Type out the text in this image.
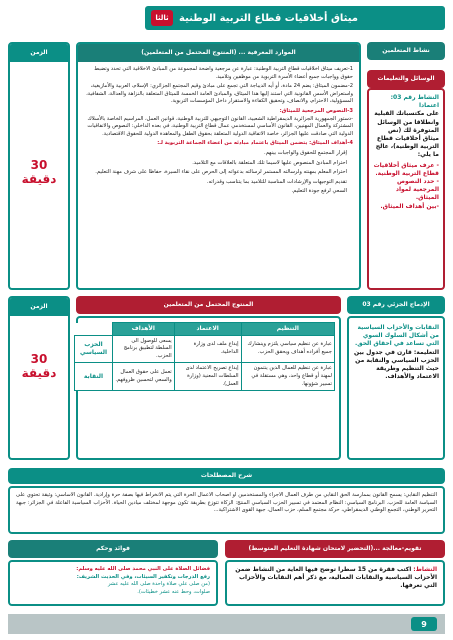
ميثاق أخلاقيات قطاع التربية الوطنية
ثالثا
نشاط المتعلمين
الوسائل والتعليمات
الموارد المعرفية ... (المنتوج المحتمل من المتعلمين)

1-تعريف ميثاق أخلاقيات قطاع التربية الوطنية: عبارة عن مرجعية واضحة لمجموعة من المبادئ الأخلاقية التي تحدد وتضبط حقوق وواجبات جميع أعضاء الأسرة التربوية من موظفين وتلاميذ.

2-مضمون الميثاق: يضم 24 مادة، أو أيه الديباجة التي تجمع على مبادئ وقيم المجتمع الجزائري: الإسلام، العربية والأمازيغية، واستعراض الأسس القانونية التي استند إليها هذا الميثاق، والمبادئ العامة الخمسة للميثاق المتعلقة بالنزاهة والعدالة، الشفافية، المسؤولية، الاحترام، والانصاف، وتحقيق الكفاءة والاستقرار داخل المؤسسات التربوية.

3-النصوص المرجعية للميثاق:

-دستور الجمهورية الجزائرية الديمقراطية الشعبية، القانون التوجيهي للتربية الوطنية، قوانين العمل، المراسيم الخاصة بالأسلاك المشتركة والعمال المهنيين، القانون الأساسي لمستخدمي عمال قطاع التربية الوطنية، في بعده الداخلي: النصوص والاتفاقيات الدولية التي صادقت عليها الجزائر، خاصة الاتفاقية الدولية المتعلقة بحقوق الطفل والمعاهدة الدولية للحقوق الاقتصادية.

4-أهداف الميثاق: يتضمن الميثاق باعتماد مبادئه من أعضاء الجماعة التربوية لـ:

إقرار المجتمع للحقوق والواجبات بينهم.
احترام المبادئ المنصوص عليها لاسيما تلك المتعلقة بالعلاقات مع التلاميذ.
احترام المعلم بمهنته ولرسالته المستمر لرسالته بدعواته إلى الحرص على نقاء السيرة، حفاظا على شرف مهنة التعليم.
تقديم التوجيهات والإرشادات المناسبة للتلاميذ بما يتناسب وقدراته.
السعي لرفع جودة التعليم.
الزمن
30 دقيقة
النشاط رقم 03: اعتمادا
على مكتسباتك القبلية
وانطلاقا من الوسائل
المتوفرة لك (نص
ميثاق أخلاقيات قطاع
التربية الوطنية)، عالج
ما يلي:
- عرف ميثاق أخلاقيات قطاع التربية الوطنية.
- حدد النصوص المرجعية لمواد الميثاق.
-بين أهداف الميثاق.
الإدماج الجزئي رقم 03
النقابات والأحزاب السياسية
من أشكال السلوك السوي
التي تساعد في احقاق الحق.
التعليمة: قارن في جدول بين
الحزب السياسي والنقابة من
حيث التنظيم وطريقة
الاعتماد والأهداف.
المنتوج المحتمل من المتعلمين
التنظيم	الاعتماد	الأهداف	
عبارة عن تنظيم سياسي يلتزم وينشارك جميع أفراده أهداف ويحقق الحزب.	إيداع ملف لدى وزارة الداخلية.	يسعى للوصول الى السلطة لتطبيق برنامج الحزب.	الحزب السياسي
عبارة عن تنظيم للعمال الذين ينتمون لمهنة أو قطاع واحد، وهي مستقلة في تسيير شؤونها.	إيداع تصريح الاعتماد لدى السلطات المعنية (وزارة العمل).	تعمل على حقوق العمال والسعي لتحسين ظروفهم.	النقابة
الزمن
30 دقيقة
شرح المصطلحات
التنظيم النقابي: يسمح القانون بممارسة الحق النقابي من طرف العمال الأجراء والمستخدمين أو أصحاب الأعمال الحرة التي يتم الانخراط فيها بصفة حرة وإرادية. القانون الأساسي: وثيقة تحتوي على السياسة العامة للحزب. البرنامج السياسي: النظام المعتمد في تسيير الحزب السياسي المنتج: الزكاة تتوزع بطريقة تكون موجهة لمختلف ميادين الحياة. الأحزاب السياسية الفاعلة في الجزائر: جبهة التحرير الوطني، التجمع الوطني الديمقراطي، حركة مجتمع السلم، حزب العمال، جبهة القوى الاشتراكية...
تقويم-معالجة ...(التحضير لامتحان شهادة التعليم المتوسط)
النشاط: اكتب فقرة من 15 سطرا توضح فيها الغاية من النشاط ضمن الأحزاب السياسية والنقابات العمالية، مع ذكر أهم النقابات والأحزاب التي تعرفها.
فوائد وحكم
فضائل الصلاة على النبي محمد صلى الله عليه وسلم:
رفع الدرجات وتكفير السيئات، وفي الحديث الشريف:
(من صلى علي صلاة واحدة صلى الله عليه عشر
صلوات، وحط عنه عشر خطيئات).
9
